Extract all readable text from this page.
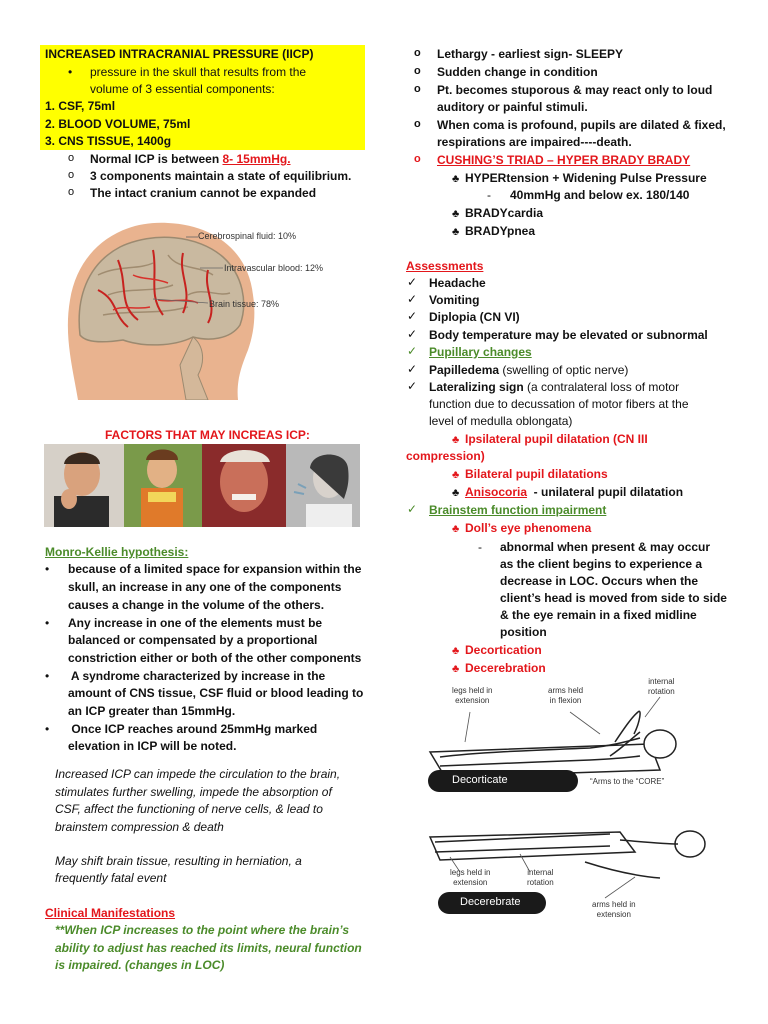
INCREASED INTRACRANIAL PRESSURE (IICP)
pressure in the skull that results from the
volume of 3 essential components:
1. CSF, 75ml
2. BLOOD VOLUME, 75ml
3. CNS TISSUE, 1400g
o Normal ICP is between 8- 15mmHg.
o 3 components maintain a state of equilibrium.
o The intact cranium cannot be expanded
Cerebrospinal fluid: 10%
Intravascular blood: 12%
Brain tissue: 78%
FACTORS THAT MAY INCREAS ICP:
Monro-Kellie hypothesis:
• because of a limited space for expansion within the
skull, an increase in any one of the components
causes a change in the volume of the others.
• Any increase in one of the elements must be
balanced or compensated by a proportional
constriction either or both of the other components
• A syndrome characterized by increase in the
amount of CNS tissue, CSF fluid or blood leading to
an ICP greater than 15mmHg.
• Once ICP reaches around 25mmHg marked
elevation in ICP will be noted.
Increased ICP can impede the circulation to the brain,
stimulates further swelling, impede the absorption of
CSF, affect the functioning of nerve cells, & lead to
brainstem compression & death
May shift brain tissue, resulting in herniation, a
frequently fatal event
Clinical Manifestations
**When ICP increases to the point where the brain’s
ability to adjust has reached its limits, neural function
is impaired. (changes in LOC)
o Lethargy - earliest sign- SLEEPY
o Sudden change in condition
o Pt. becomes stuporous & may react only to loud
auditory or painful stimuli.
o When coma is profound, pupils are dilated & fixed,
respirations are impaired----death.
o CUSHING’S TRIAD – HYPER BRADY BRADY
♣ HYPERtension + Widening Pulse Pressure
- 40mmHg and below ex. 180/140
♣ BRADYcardia
♣ BRADYpnea
Assessments
✓ Headache
✓ Vomiting
✓ Diplopia (CN VI)
✓ Body temperature may be elevated or subnormal
✓ Pupillary changes
✓ Papilledema (swelling of optic nerve)
✓ Lateralizing sign (a contralateral loss of motor
function due to decussation of motor fibers at the
level of medulla oblongata)
♣ Ipsilateral pupil dilatation (CN III
compression)
♣ Bilateral pupil dilatations
♣ Anisocoria  - unilateral pupil dilatation
✓ Brainstem function impairment
♣ Doll’s eye phenomena
- abnormal when present & may occur
as the client begins to experience a
decrease in LOC. Occurs when the
client’s head is moved from side to side
& the eye remain in a fixed midline
position
♣ Decortication
♣ Decerebration
internal
rotation
legs held in
extension
arms held
in flexion
Decorticate	“Arms to the “CORE”
legs held in
extension
internal
rotation
Decerebrate	arms held in
extension
